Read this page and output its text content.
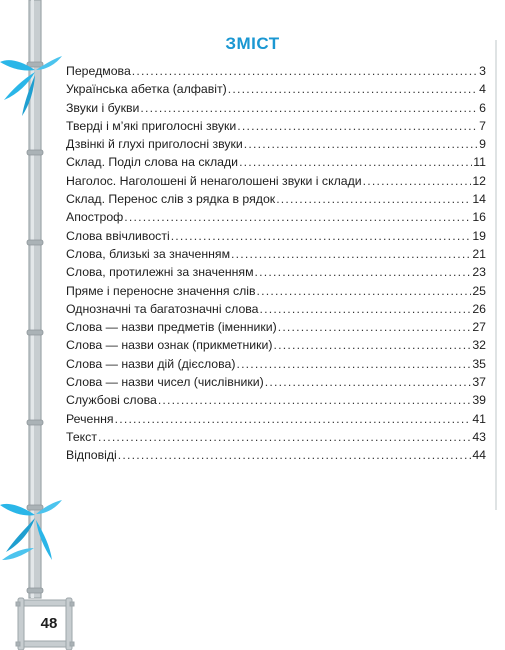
ЗМІСТ
Передмова .....	3
Українська абетка (алфавіт) .....	4
Звуки і букви .....	6
Тверді і м’які приголосні звуки .....	7
Дзвінкі й глухі приголосні звуки .....	9
Склад. Поділ слова на склади .....	11
Наголос. Наголошені й ненаголошені звуки і склади .....	12
Склад. Перенос слів з рядка в рядок .....	14
Апостроф .....	16
Слова ввічливості .....	19
Слова, близькі за значенням .....	21
Слова, протилежні за значенням .....	23
Пряме і переносне значення слів .....	25
Однозначні та багатозначні слова .....	26
Слова — назви предметів (іменники) .....	27
Слова — назви ознак (прикметники) .....	32
Слова — назви дій (дієслова) .....	35
Слова — назви чисел (числівники) .....	37
Службові слова .....	39
Речення .....	41
Текст .....	43
Відповіді .....	44
48
